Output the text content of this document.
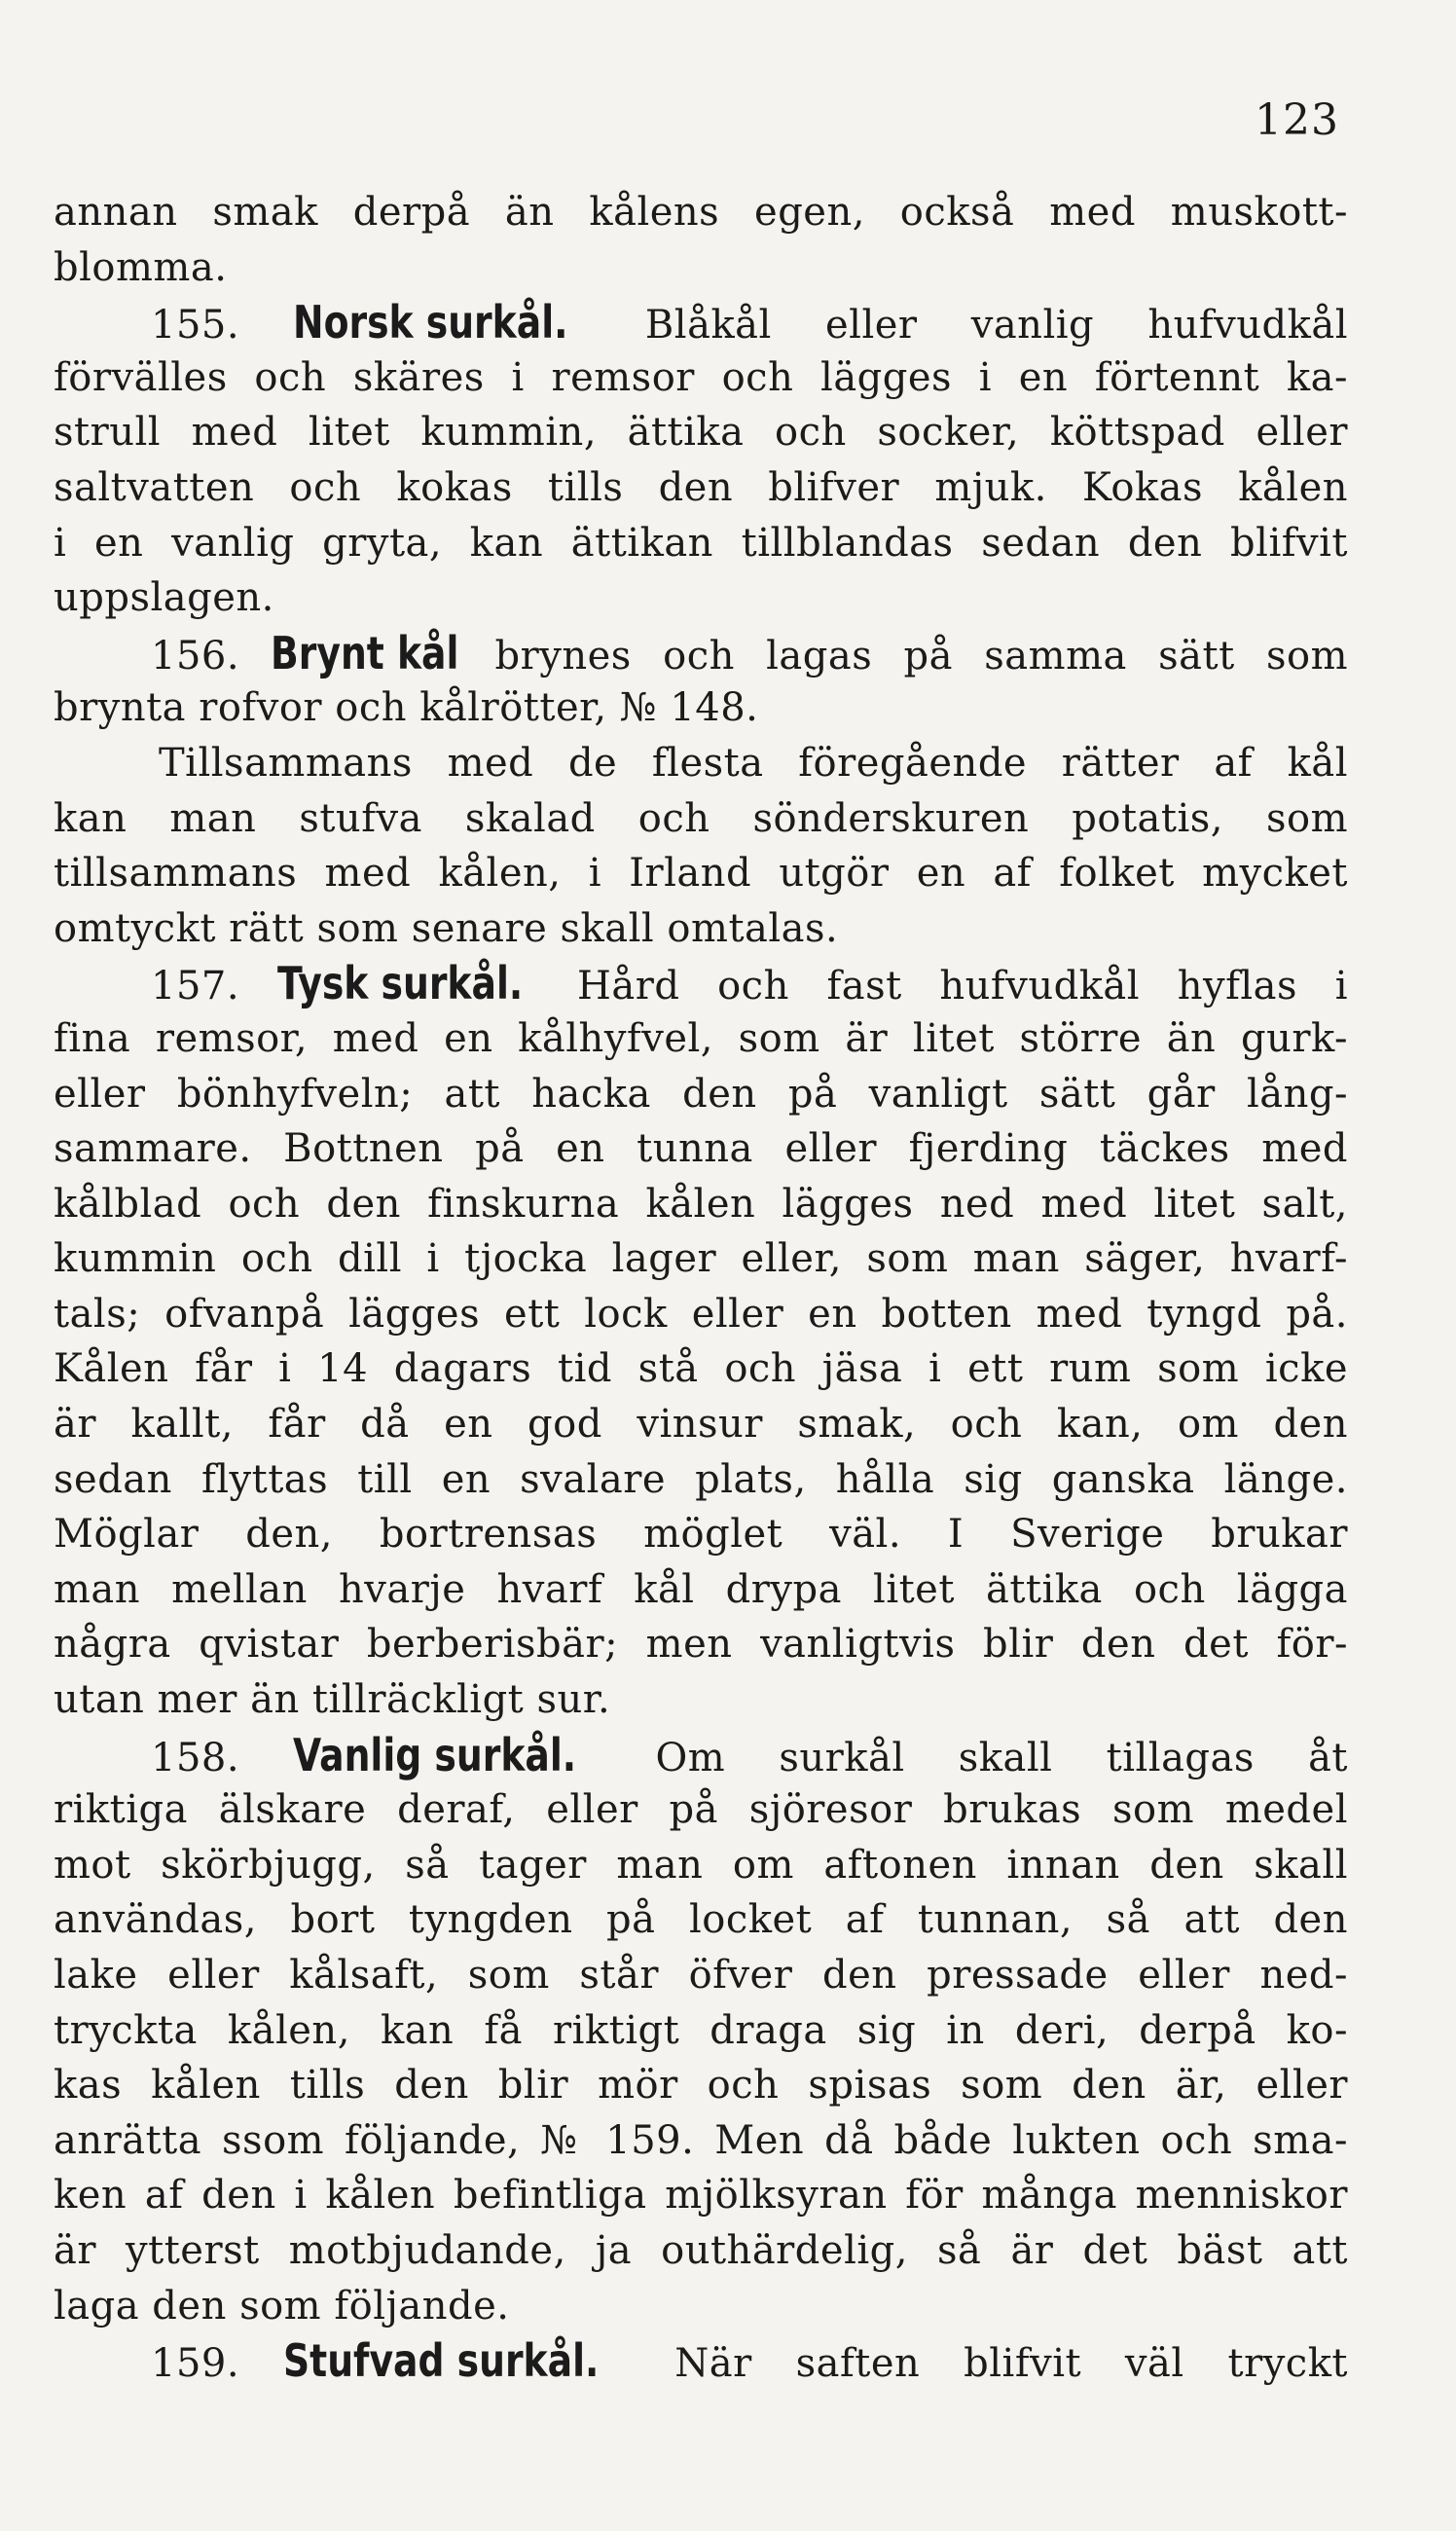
123
annan smak derpå än kålens egen, också med muskott-
blomma.
155. Norsk surkål. Blåkål eller vanlig hufvudkål
förvälles och skäres i remsor och lägges i en förtennt ka-
strull med litet kummin, ättika och socker, köttspad eller
saltvatten och kokas tills den blifver mjuk. Kokas kålen
i en vanlig gryta, kan ättikan tillblandas sedan den blifvit
uppslagen.
156. Brynt kål brynes och lagas på samma sätt som
brynta rofvor och kålrötter, № 148.
Tillsammans med de flesta föregående rätter af kål
kan man stufva skalad och sönderskuren potatis, som
tillsammans med kålen, i Irland utgör en af folket mycket
omtyckt rätt som senare skall omtalas.
157. Tysk surkål. Hård och fast hufvudkål hyflas i
fina remsor, med en kålhyfvel, som är litet större än gurk-
eller bönhyfveln; att hacka den på vanligt sätt går lång-
sammare. Bottnen på en tunna eller fjerding täckes med
kålblad och den finskurna kålen lägges ned med litet salt,
kummin och dill i tjocka lager eller, som man säger, hvarf-
tals; ofvanpå lägges ett lock eller en botten med tyngd på.
Kålen får i 14 dagars tid stå och jäsa i ett rum som icke
är kallt, får då en god vinsur smak, och kan, om den
sedan flyttas till en svalare plats, hålla sig ganska länge.
Möglar den, bortrensas möglet väl. I Sverige brukar
man mellan hvarje hvarf kål drypa litet ättika och lägga
några qvistar berberisbär; men vanligtvis blir den det för-
utan mer än tillräckligt sur.
158. Vanlig surkål. Om surkål skall tillagas åt
riktiga älskare deraf, eller på sjöresor brukas som medel
mot skörbjugg, så tager man om aftonen innan den skall
användas, bort tyngden på locket af tunnan, så att den
lake eller kålsaft, som står öfver den pressade eller ned-
tryckta kålen, kan få riktigt draga sig in deri, derpå ko-
kas kålen tills den blir mör och spisas som den är, eller
anrätta ssom följande, № 159. Men då både lukten och sma-
ken af den i kålen befintliga mjölksyran för många menniskor
är ytterst motbjudande, ja outhärdelig, så är det bäst att
laga den som följande.
159. Stufvad surkål. När saften blifvit väl tryckt
